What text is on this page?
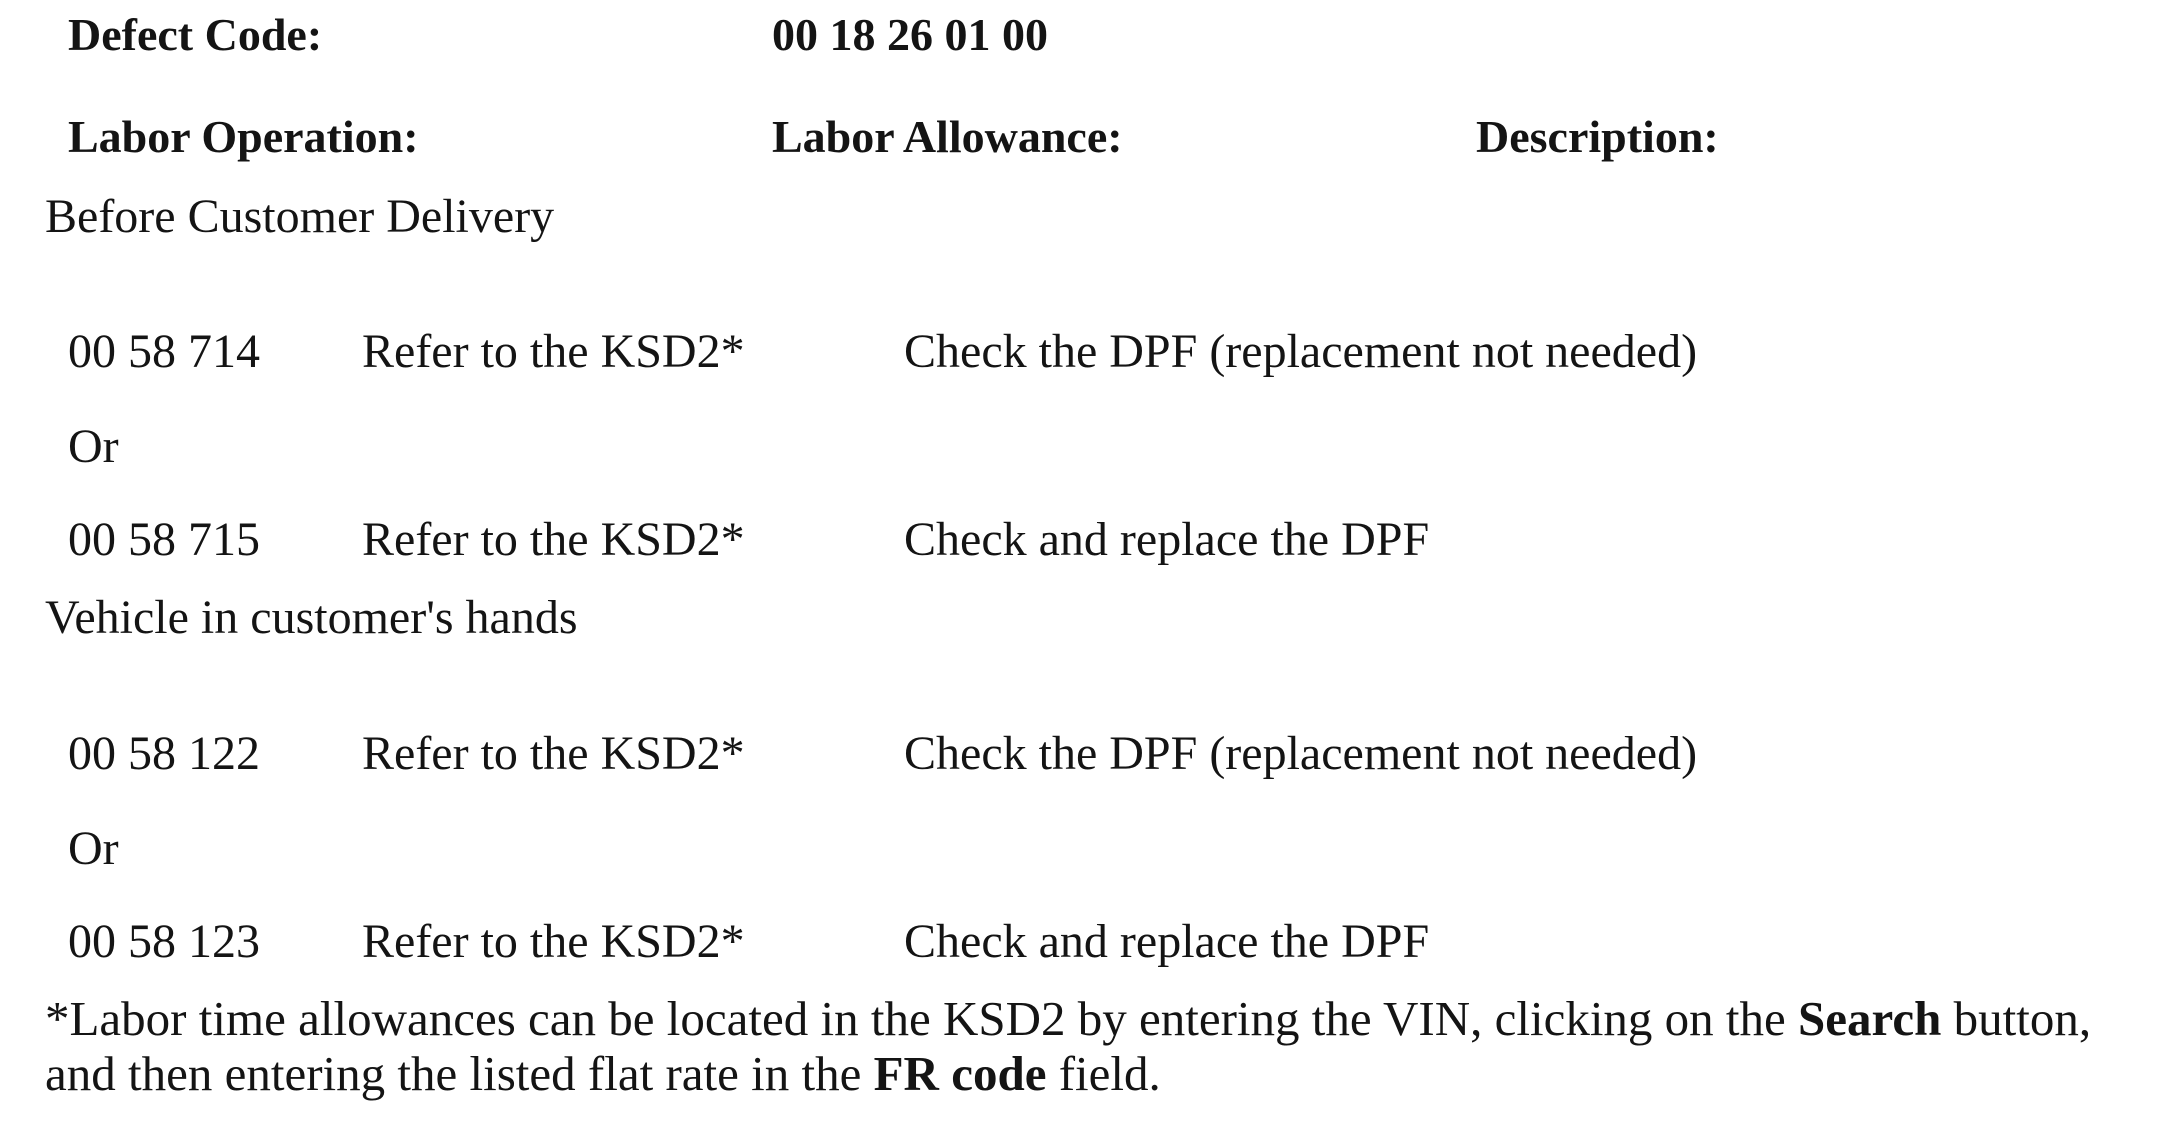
Defect Code:	00 18 26 01 00
Labor Operation:	Labor Allowance:	Description:
Before Customer Delivery
00 58 714 Refer to the KSD2*	Check the DPF (replacement not needed)
Or
00 58 715 Refer to the KSD2*	Check and replace the DPF
Vehicle in customer's hands
00 58 122 Refer to the KSD2*	Check the DPF (replacement not needed)
Or
00 58 123 Refer to the KSD2*	Check and replace the DPF
*Labor time allowances can be located in the KSD2 by entering the VIN, clicking on the Search button,
and then entering the listed flat rate in the FR code field.
